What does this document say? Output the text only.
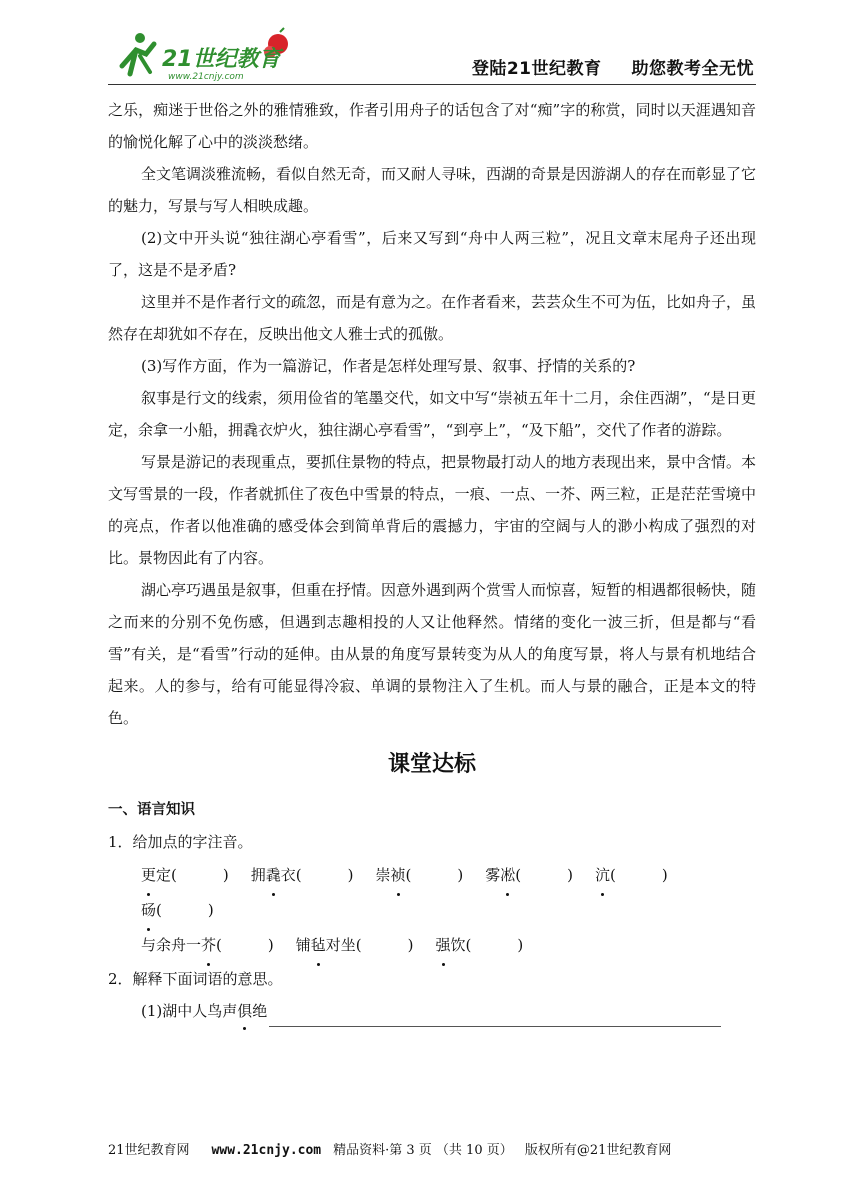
21世纪教育
www.21cnjy.com	登陆21世纪教育 助您教考全无忧

之乐，痴迷于世俗之外的雅情雅致，作者引用舟子的话包含了对“痴”字的称赏，同时以天涯遇知音的愉悦化解了心中的淡淡愁绪。

全文笔调淡雅流畅，看似自然无奇，而又耐人寻味，西湖的奇景是因游湖人的存在而彰显了它的魅力，写景与写人相映成趣。

(2)文中开头说“独往湖心亭看雪”，后来又写到“舟中人两三粒”，况且文章末尾舟子还出现了，这是不是矛盾?

这里并不是作者行文的疏忽，而是有意为之。在作者看来，芸芸众生不可为伍，比如舟子，虽然存在却犹如不存在，反映出他文人雅士式的孤傲。

(3)写作方面，作为一篇游记，作者是怎样处理写景、叙事、抒情的关系的?

叙事是行文的线索，须用俭省的笔墨交代，如文中写“崇祯五年十二月，余住西湖”，“是日更定，余拿一小船，拥毳衣炉火，独往湖心亭看雪”，“到亭上”，“及下船”，交代了作者的游踪。

写景是游记的表现重点，要抓住景物的特点，把景物最打动人的地方表现出来，景中含情。本文写雪景的一段，作者就抓住了夜色中雪景的特点，一痕、一点、一芥、两三粒，正是茫茫雪境中的亮点，作者以他准确的感受体会到简单背后的震撼力，宇宙的空阔与人的渺小构成了强烈的对比。景物因此有了内容。

湖心亭巧遇虽是叙事，但重在抒情。因意外遇到两个赏雪人而惊喜，短暂的相遇都很畅快，随之而来的分别不免伤感，但遇到志趣相投的人又让他释然。情绪的变化一波三折，但是都与“看雪”有关，是“看雪”行动的延伸。由从景的角度写景转变为从人的角度写景，将人与景有机地结合起来。人的参与，给有可能显得冷寂、单调的景物注入了生机。而人与景的融合，正是本文的特色。

课堂达标
一、语言知识
1．给加点的字注音。
更定(	) 拥毳衣(	) 崇祯(	) 雾凇(	) 沆(	)砀(	)
与余舟一芥(	) 铺毡对坐(	) 强饮(	)
2．解释下面词语的意思。
(1)湖中人鸟声俱绝
21世纪教育网 www.21cnjy.com 精品资料·第 3 页 （共 10 页） 版权所有@21世纪教育网
